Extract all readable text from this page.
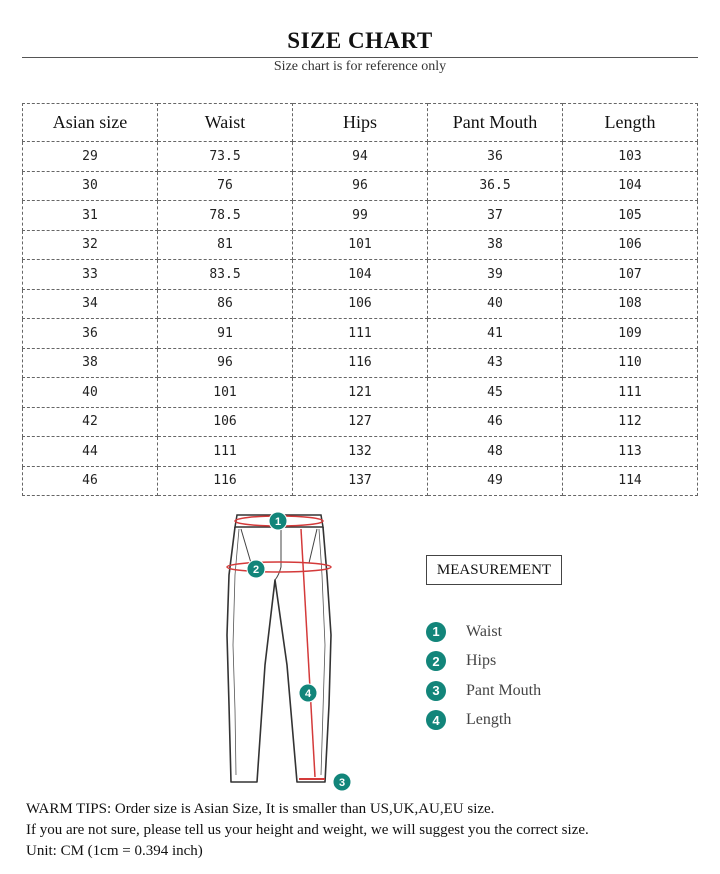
SIZE CHART
Size chart is for reference only
Asian size	Waist	Hips	Pant Mouth	Length
29	73.5	94	36	103
30	76	96	36.5	104
31	78.5	99	37	105
32	81	101	38	106
33	83.5	104	39	107
34	86	106	40	108
36	91	111	41	109
38	96	116	43	110
40	101	121	45	111
42	106	127	46	112
44	111	132	48	113
46	116	137	49	114
1
2
3
4
MEASUREMENT
1	Waist
2	Hips
3	Pant Mouth
4	Length
WARM TIPS: Order size is Asian Size, It is smaller than US,UK,AU,EU size.
If you are not sure, please tell us your height and weight, we will suggest you the correct size.
Unit: CM (1cm = 0.394 inch)
